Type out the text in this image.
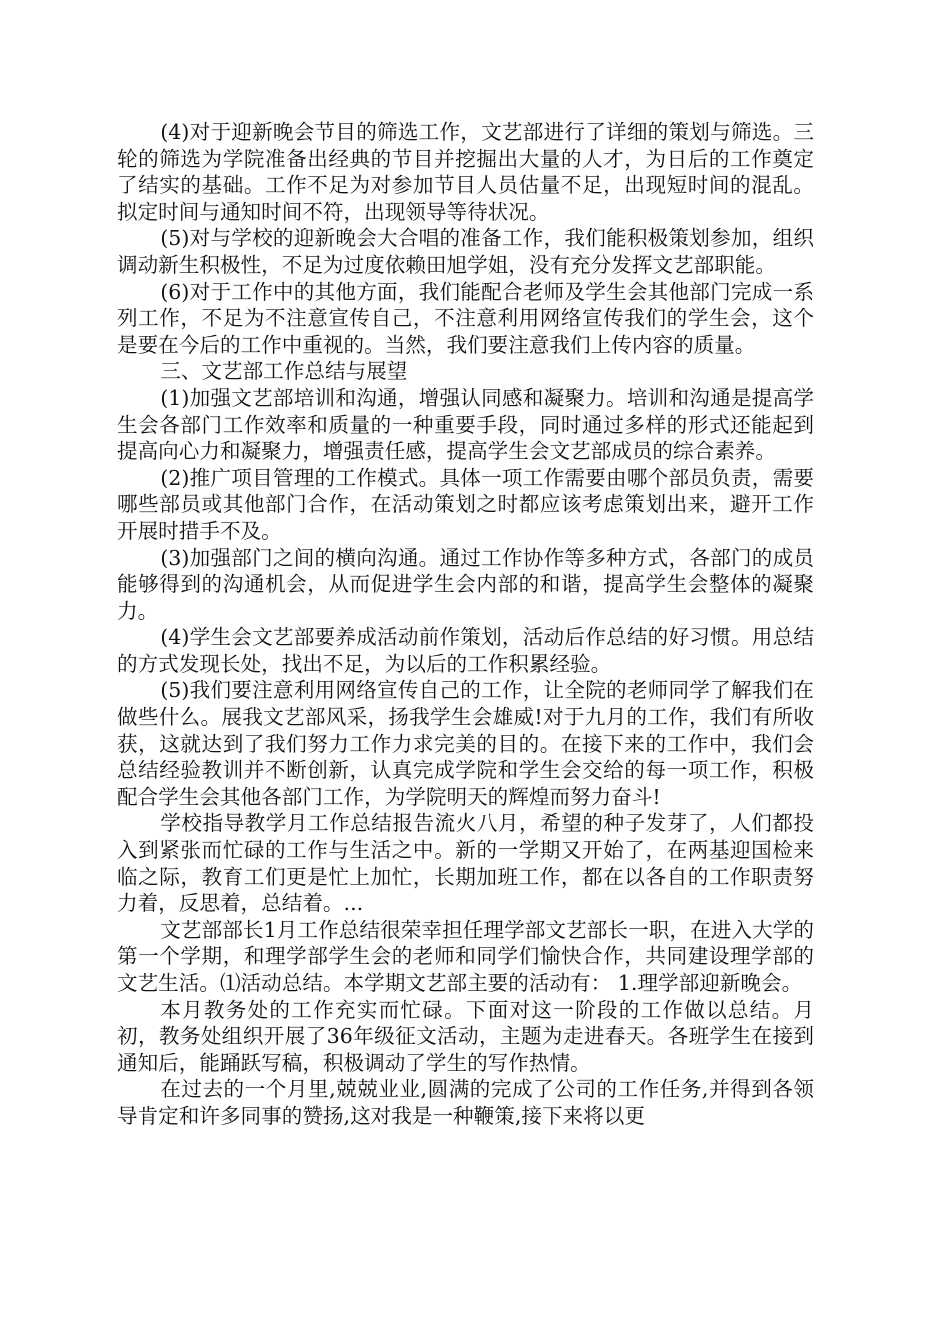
(4)对于迎新晚会节目的筛选工作，文艺部进行了详细的策划与筛选。三轮的筛选为学院准备出经典的节目并挖掘出大量的人才，为日后的工作奠定了结实的基础。工作不足为对参加节目人员估量不足，出现短时间的混乱。拟定时间与通知时间不符，出现领导等待状况。

(5)对与学校的迎新晚会大合唱的准备工作，我们能积极策划参加，组织调动新生积极性，不足为过度依赖田旭学姐，没有充分发挥文艺部职能。

(6)对于工作中的其他方面，我们能配合老师及学生会其他部门完成一系列工作，不足为不注意宣传自己，不注意利用网络宣传我们的学生会，这个是要在今后的工作中重视的。当然，我们要注意我们上传内容的质量。

三、文艺部工作总结与展望

(1)加强文艺部培训和沟通，增强认同感和凝聚力。培训和沟通是提高学生会各部门工作效率和质量的一种重要手段，同时通过多样的形式还能起到提高向心力和凝聚力，增强责任感，提高学生会文艺部成员的综合素养。

(2)推广项目管理的工作模式。具体一项工作需要由哪个部员负责，需要哪些部员或其他部门合作，在活动策划之时都应该考虑策划出来，避开工作开展时措手不及。

(3)加强部门之间的横向沟通。通过工作协作等多种方式，各部门的成员能够得到的沟通机会，从而促进学生会内部的和谐，提高学生会整体的凝聚力。

(4)学生会文艺部要养成活动前作策划，活动后作总结的好习惯。用总结的方式发现长处，找出不足，为以后的工作积累经验。

(5)我们要注意利用网络宣传自己的工作，让全院的老师同学了解我们在做些什么。展我文艺部风采，扬我学生会雄威!对于九月的工作，我们有所收获，这就达到了我们努力工作力求完美的目的。在接下来的工作中，我们会总结经验教训并不断创新，认真完成学院和学生会交给的每一项工作，积极配合学生会其他各部门工作，为学院明天的辉煌而努力奋斗!

学校指导教学月工作总结报告流火八月，希望的种子发芽了，人们都投入到紧张而忙碌的工作与生活之中。新的一学期又开始了，在两基迎国检来临之际，教育工们更是忙上加忙，长期加班工作，都在以各自的工作职责努力着，反思着，总结着。...

文艺部部长1月工作总结很荣幸担任理学部文艺部长一职，在进入大学的第一个学期，和理学部学生会的老师和同学们愉快合作，共同建设理学部的文艺生活。⑴活动总结。本学期文艺部主要的活动有： 1.理学部迎新晚会。

本月教务处的工作充实而忙碌。下面对这一阶段的工作做以总结。月初，教务处组织开展了36年级征文活动，主题为走进春天。各班学生在接到通知后，能踊跃写稿，积极调动了学生的写作热情。

在过去的一个月里,兢兢业业,圆满的完成了公司的工作任务,并得到各领导肯定和许多同事的赞扬,这对我是一种鞭策,接下来将以更
